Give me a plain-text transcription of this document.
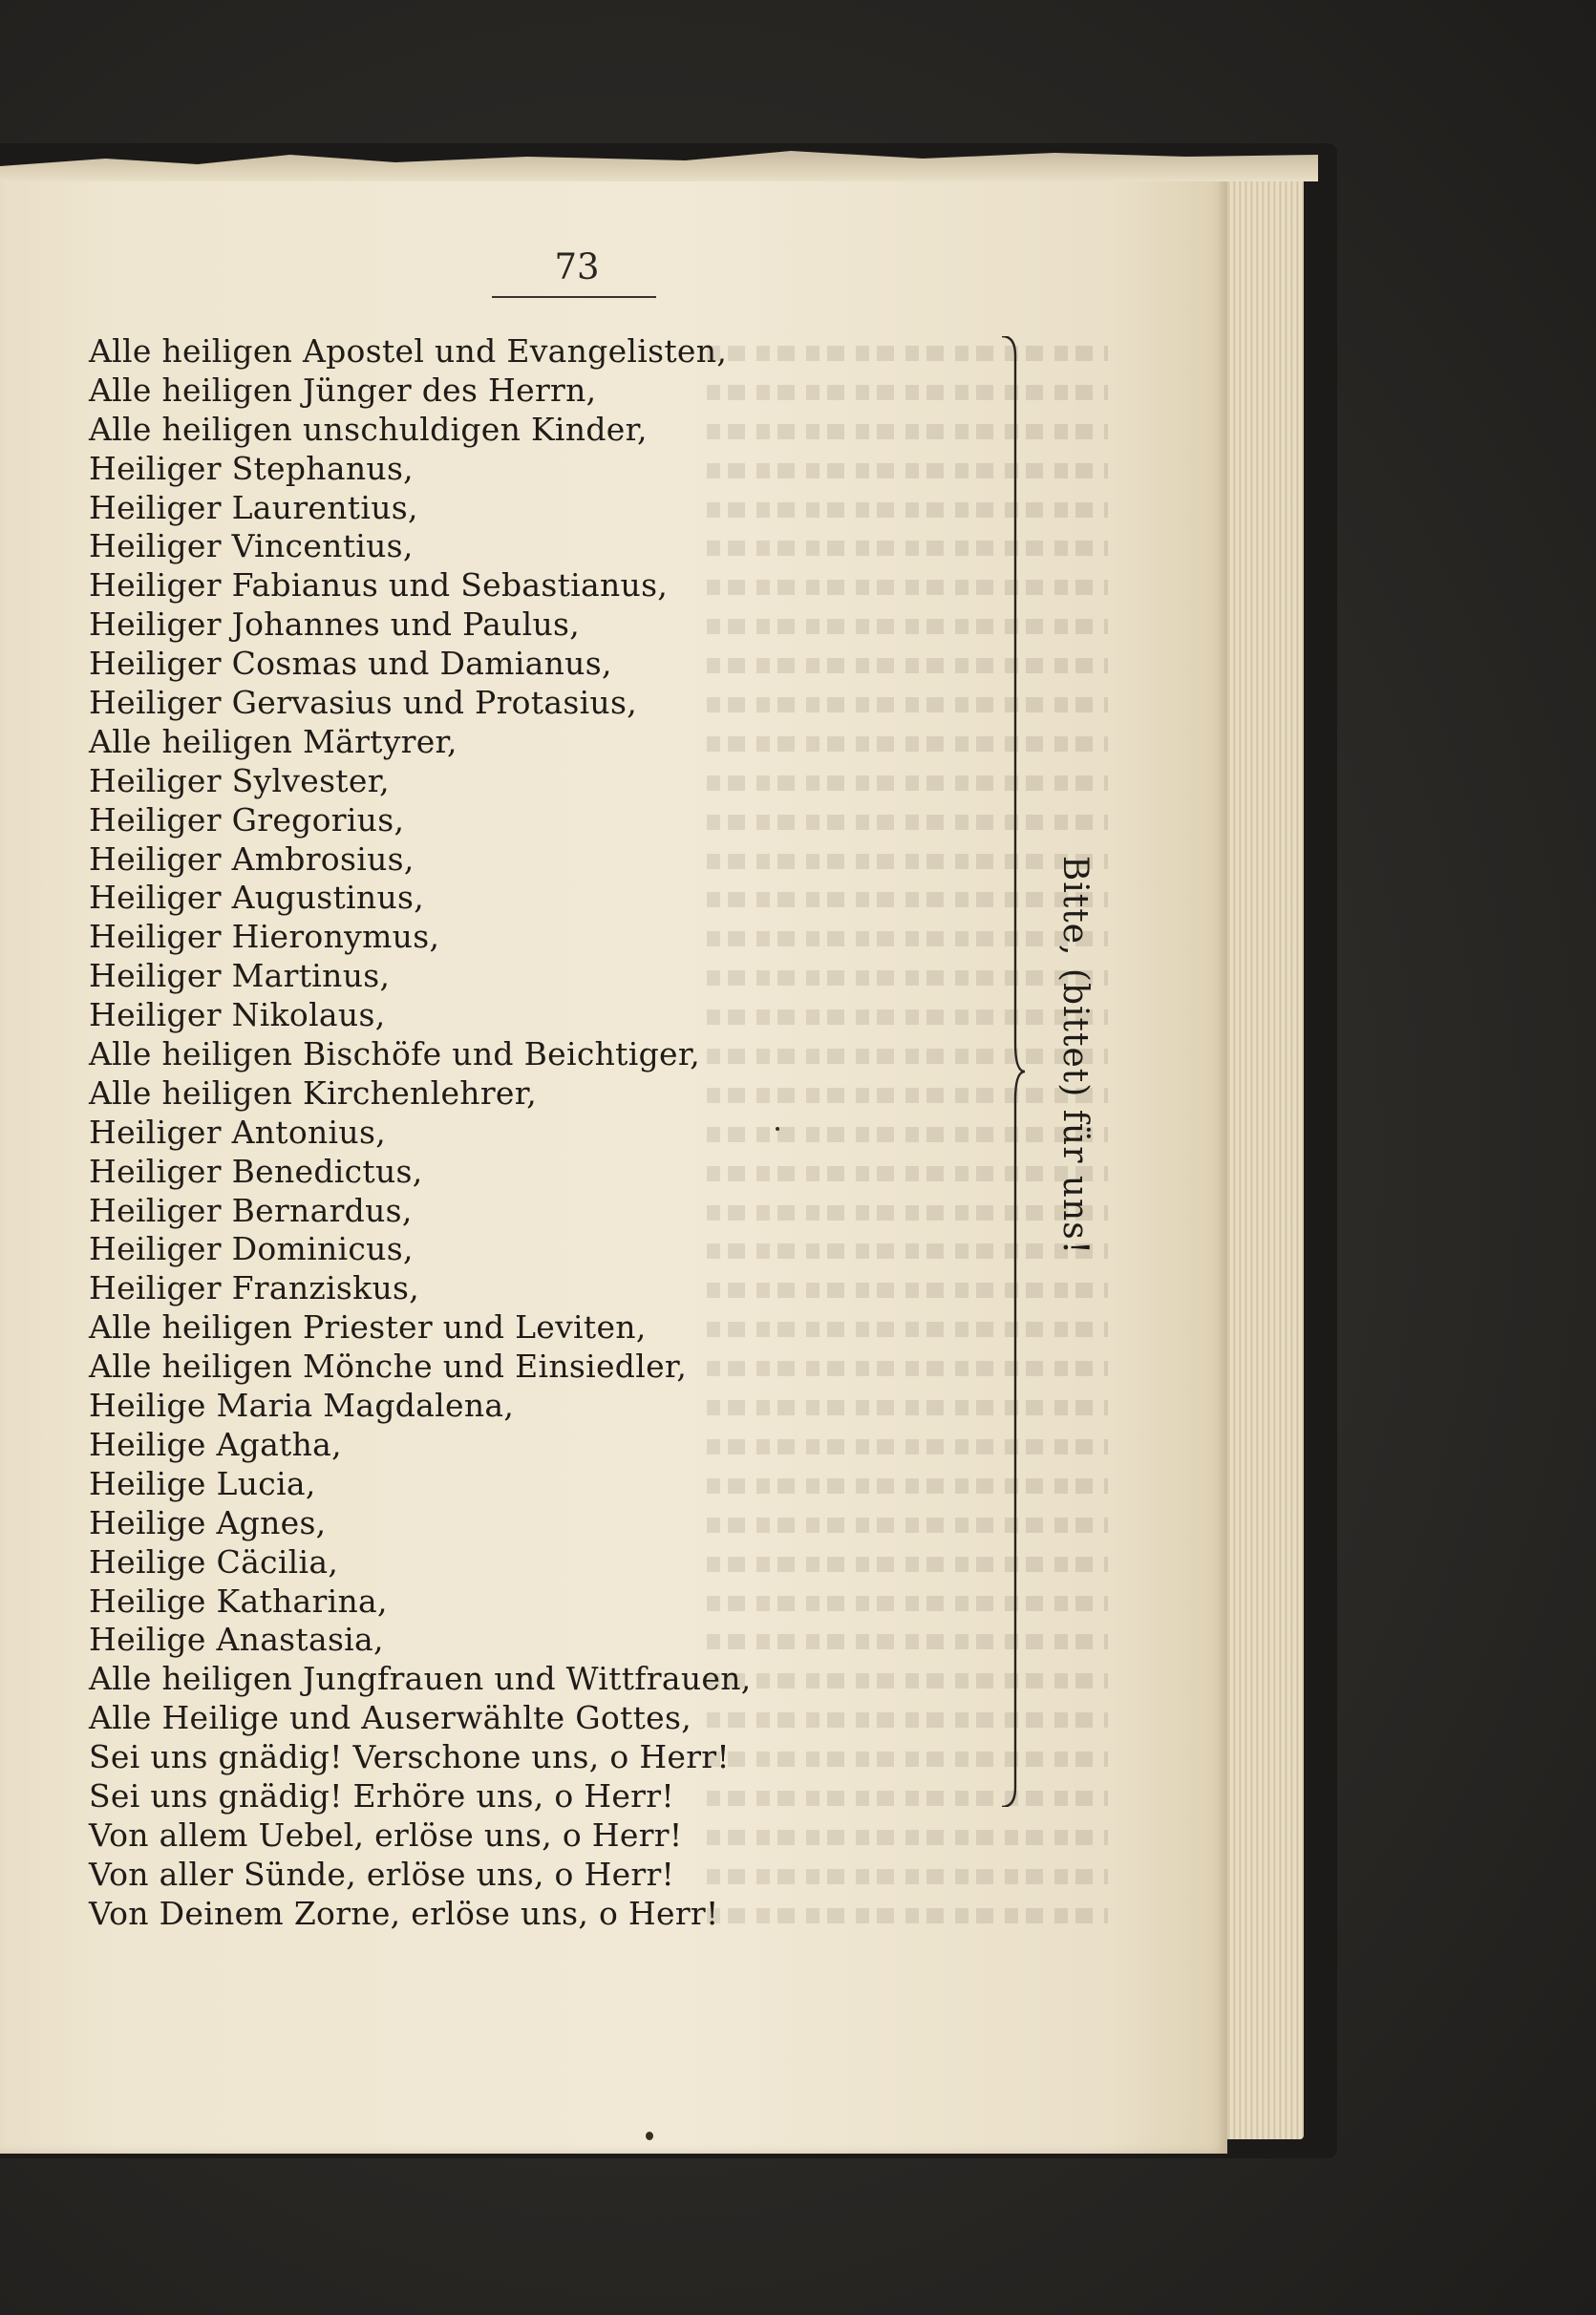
73
Alle heiligen Apostel und Evangelisten,
Alle heiligen Jünger des Herrn,
Alle heiligen unschuldigen Kinder,
Heiliger Stephanus,
Heiliger Laurentius,
Heiliger Vincentius,
Heiliger Fabianus und Sebastianus,
Heiliger Johannes und Paulus,
Heiliger Cosmas und Damianus,
Heiliger Gervasius und Protasius,
Alle heiligen Märtyrer,
Heiliger Sylvester,
Heiliger Gregorius,
Heiliger Ambrosius,
Heiliger Augustinus,
Heiliger Hieronymus,
Heiliger Martinus,
Heiliger Nikolaus,
Alle heiligen Bischöfe und Beichtiger,
Alle heiligen Kirchenlehrer,
Heiliger Antonius,
Heiliger Benedictus,
Heiliger Bernardus,
Heiliger Dominicus,
Heiliger Franziskus,
Alle heiligen Priester und Leviten,
Alle heiligen Mönche und Einsiedler,
Heilige Maria Magdalena,
Heilige Agatha,
Heilige Lucia,
Heilige Agnes,
Heilige Cäcilia,
Heilige Katharina,
Heilige Anastasia,
Alle heiligen Jungfrauen und Wittfrauen,
Alle Heilige und Auserwählte Gottes,
Sei uns gnädig! Verschone uns, o Herr!
Sei uns gnädig! Erhöre uns, o Herr!
Von allem Uebel, erlöse uns, o Herr!
Von aller Sünde, erlöse uns, o Herr!
Von Deinem Zorne, erlöse uns, o Herr!
Bitte, (bittet) für uns!
